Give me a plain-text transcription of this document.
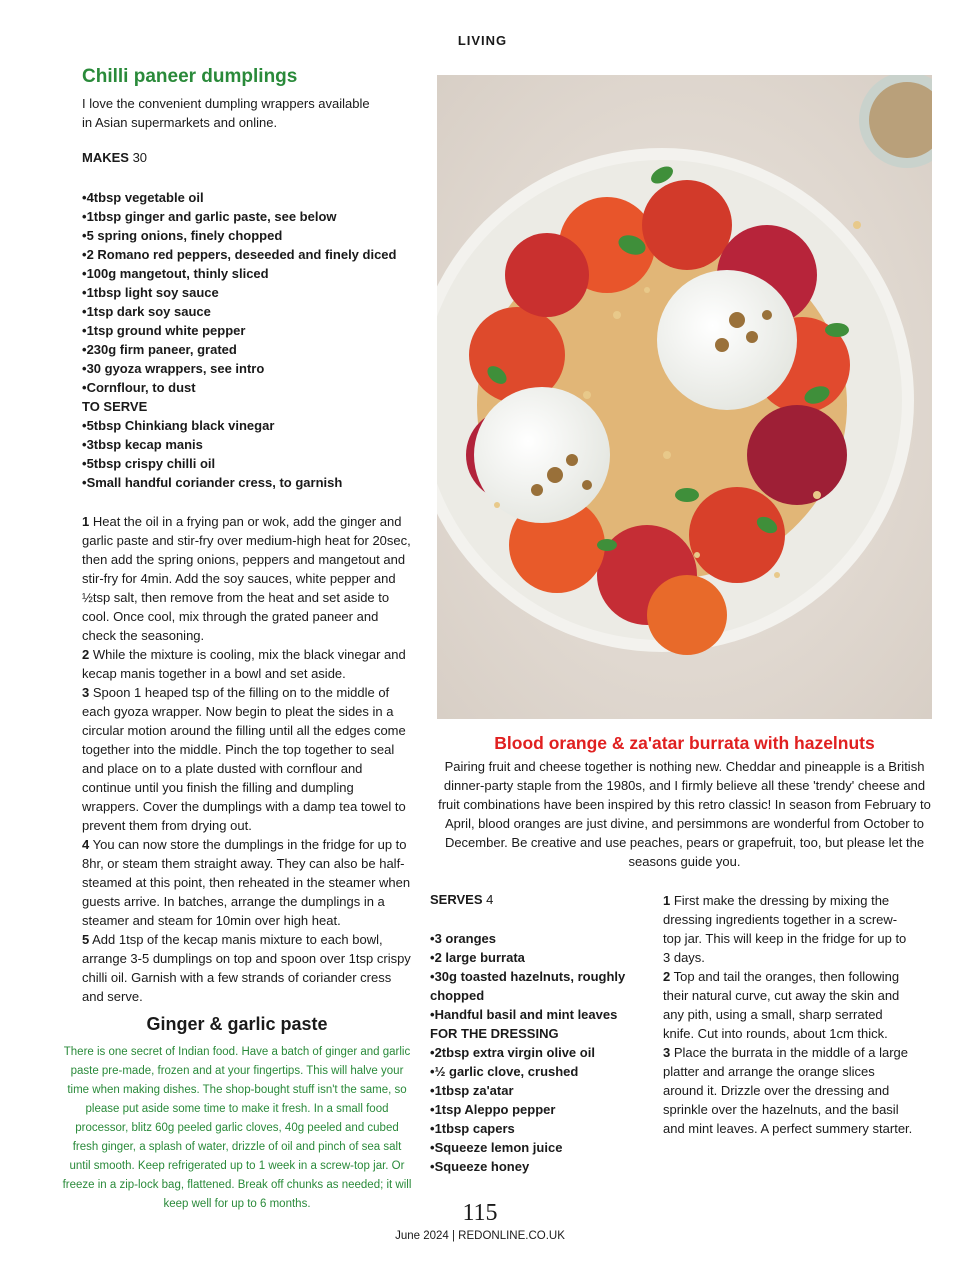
LIVING
Chilli paneer dumplings
I love the convenient dumpling wrappers available in Asian supermarkets and online.
MAKES 30
• 4tbsp vegetable oil
• 1tbsp ginger and garlic paste, see below
• 5 spring onions, finely chopped
• 2 Romano red peppers, deseeded and finely diced
• 100g mangetout, thinly sliced
• 1tbsp light soy sauce
• 1tsp dark soy sauce
• 1tsp ground white pepper
• 230g firm paneer, grated
• 30 gyoza wrappers, see intro
• Cornflour, to dust
TO SERVE
• 5tbsp Chinkiang black vinegar
• 3tbsp kecap manis
• 5tbsp crispy chilli oil
• Small handful coriander cress, to garnish

1 Heat the oil in a frying pan or wok, add the ginger and garlic paste and stir-fry over medium-high heat for 20sec, then add the spring onions, peppers and mangetout and stir-fry for 4min. Add the soy sauces, white pepper and ½tsp salt, then remove from the heat and set aside to cool. Once cool, mix through the grated paneer and check the seasoning.

2 While the mixture is cooling, mix the black vinegar and kecap manis together in a bowl and set aside.

3 Spoon 1 heaped tsp of the filling on to the middle of each gyoza wrapper. Now begin to pleat the sides in a circular motion around the filling until all the edges come together into the middle. Pinch the top together to seal and place on to a plate dusted with cornflour and continue until you finish the filling and dumpling wrappers. Cover the dumplings with a damp tea towel to prevent them from drying out.

4 You can now store the dumplings in the fridge for up to 8hr, or steam them straight away. They can also be half-steamed at this point, then reheated in the steamer when guests arrive. In batches, arrange the dumplings in a steamer and steam for 10min over high heat.

5 Add 1tsp of the kecap manis mixture to each bowl, arrange 3-5 dumplings on top and spoon over 1tsp crispy chilli oil. Garnish with a few strands of coriander cress and serve.

Ginger & garlic paste
There is one secret of Indian food. Have a batch of ginger and garlic paste pre-made, frozen and at your fingertips. This will halve your time when making dishes. The shop-bought stuff isn't the same, so please put aside some time to make it fresh. In a small food processor, blitz 60g peeled garlic cloves, 40g peeled and cubed fresh ginger, a splash of water, drizzle of oil and pinch of sea salt until smooth. Keep refrigerated up to 1 week in a screw-top jar. Or freeze in a zip-lock bag, flattened. Break off chunks as needed; it will keep well for up to 6 months.	115
June 2024 | REDONLINE.CO.UK
Blood orange & za'atar burrata with hazelnuts
Pairing fruit and cheese together is nothing new. Cheddar and pineapple is a British dinner-party staple from the 1980s, and I firmly believe all these 'trendy' cheese and fruit combinations have been inspired by this retro classic! In season from February to April, blood oranges are just divine, and persimmons are wonderful from October to December. Be creative and use peaches, pears or grapefruit, too, but please let the seasons guide you.
SERVES 4
• 3 oranges
• 2 large burrata
• 30g toasted hazelnuts, roughly chopped
• Handful basil and mint leaves
FOR THE DRESSING
• 2tbsp extra virgin olive oil
• ½ garlic clove, crushed
• 1tbsp za'atar
• 1tsp Aleppo pepper
• 1tbsp capers
• Squeeze lemon juice
• Squeeze honey

1 First make the dressing by mixing the dressing ingredients together in a screw-top jar. This will keep in the fridge for up to 3 days.

2 Top and tail the oranges, then following their natural curve, cut away the skin and any pith, using a small, sharp serrated knife. Cut into rounds, about 1cm thick.

3 Place the burrata in the middle of a large platter and arrange the orange slices around it. Drizzle over the dressing and sprinkle over the hazelnuts, and the basil and mint leaves. A perfect summery starter.
